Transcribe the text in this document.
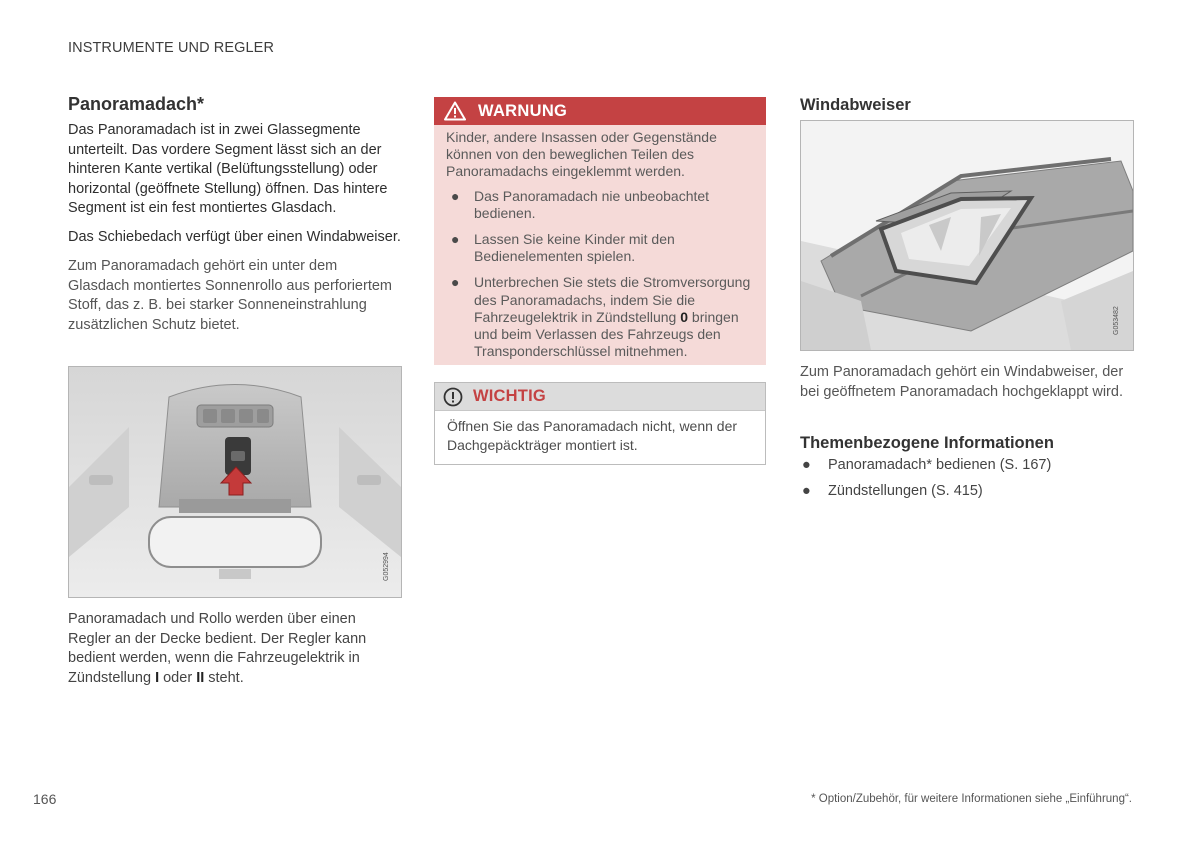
INSTRUMENTE UND REGLER
Panoramadach*

Das Panoramadach ist in zwei Glassegmente unterteilt. Das vordere Segment lässt sich an der hinteren Kante vertikal (Belüftungsstellung) oder horizontal (geöffnete Stellung) öffnen. Das hintere Segment ist ein fest montiertes Glasdach.

Das Schiebedach verfügt über einen Windabweiser.

Zum Panoramadach gehört ein unter dem Glasdach montiertes Sonnenrollo aus perforiertem Stoff, das z. B. bei starker Sonneneinstrahlung zusätzlichen Schutz bietet.

G052994

Panoramadach und Rollo werden über einen Regler an der Decke bedient. Der Regler kann bedient werden, wenn die Fahrzeugelektrik in Zündstellung I oder II steht.

WARNUNG
Kinder, andere Insassen oder Gegenstände können von den beweglichen Teilen des Panoramadachs eingeklemmt werden.
● Das Panoramadach nie unbeobachtet bedienen.
● Lassen Sie keine Kinder mit den Bedienelementen spielen.
● Unterbrechen Sie stets die Stromversorgung des Panoramadachs, indem Sie die Fahrzeugelektrik in Zündstellung 0 bringen und beim Verlassen des Fahrzeugs den Transponderschlüssel mitnehmen.
WICHTIG
Öffnen Sie das Panoramadach nicht, wenn der Dachgepäckträger montiert ist.
Windabweiser
G053482

Zum Panoramadach gehört ein Windabweiser, der bei geöffnetem Panoramadach hochgeklappt wird.

Themenbezogene Informationen
● Panoramadach* bedienen (S. 167)
● Zündstellungen (S. 415)
166	* Option/Zubehör, für weitere Informationen siehe „Einführung“.
